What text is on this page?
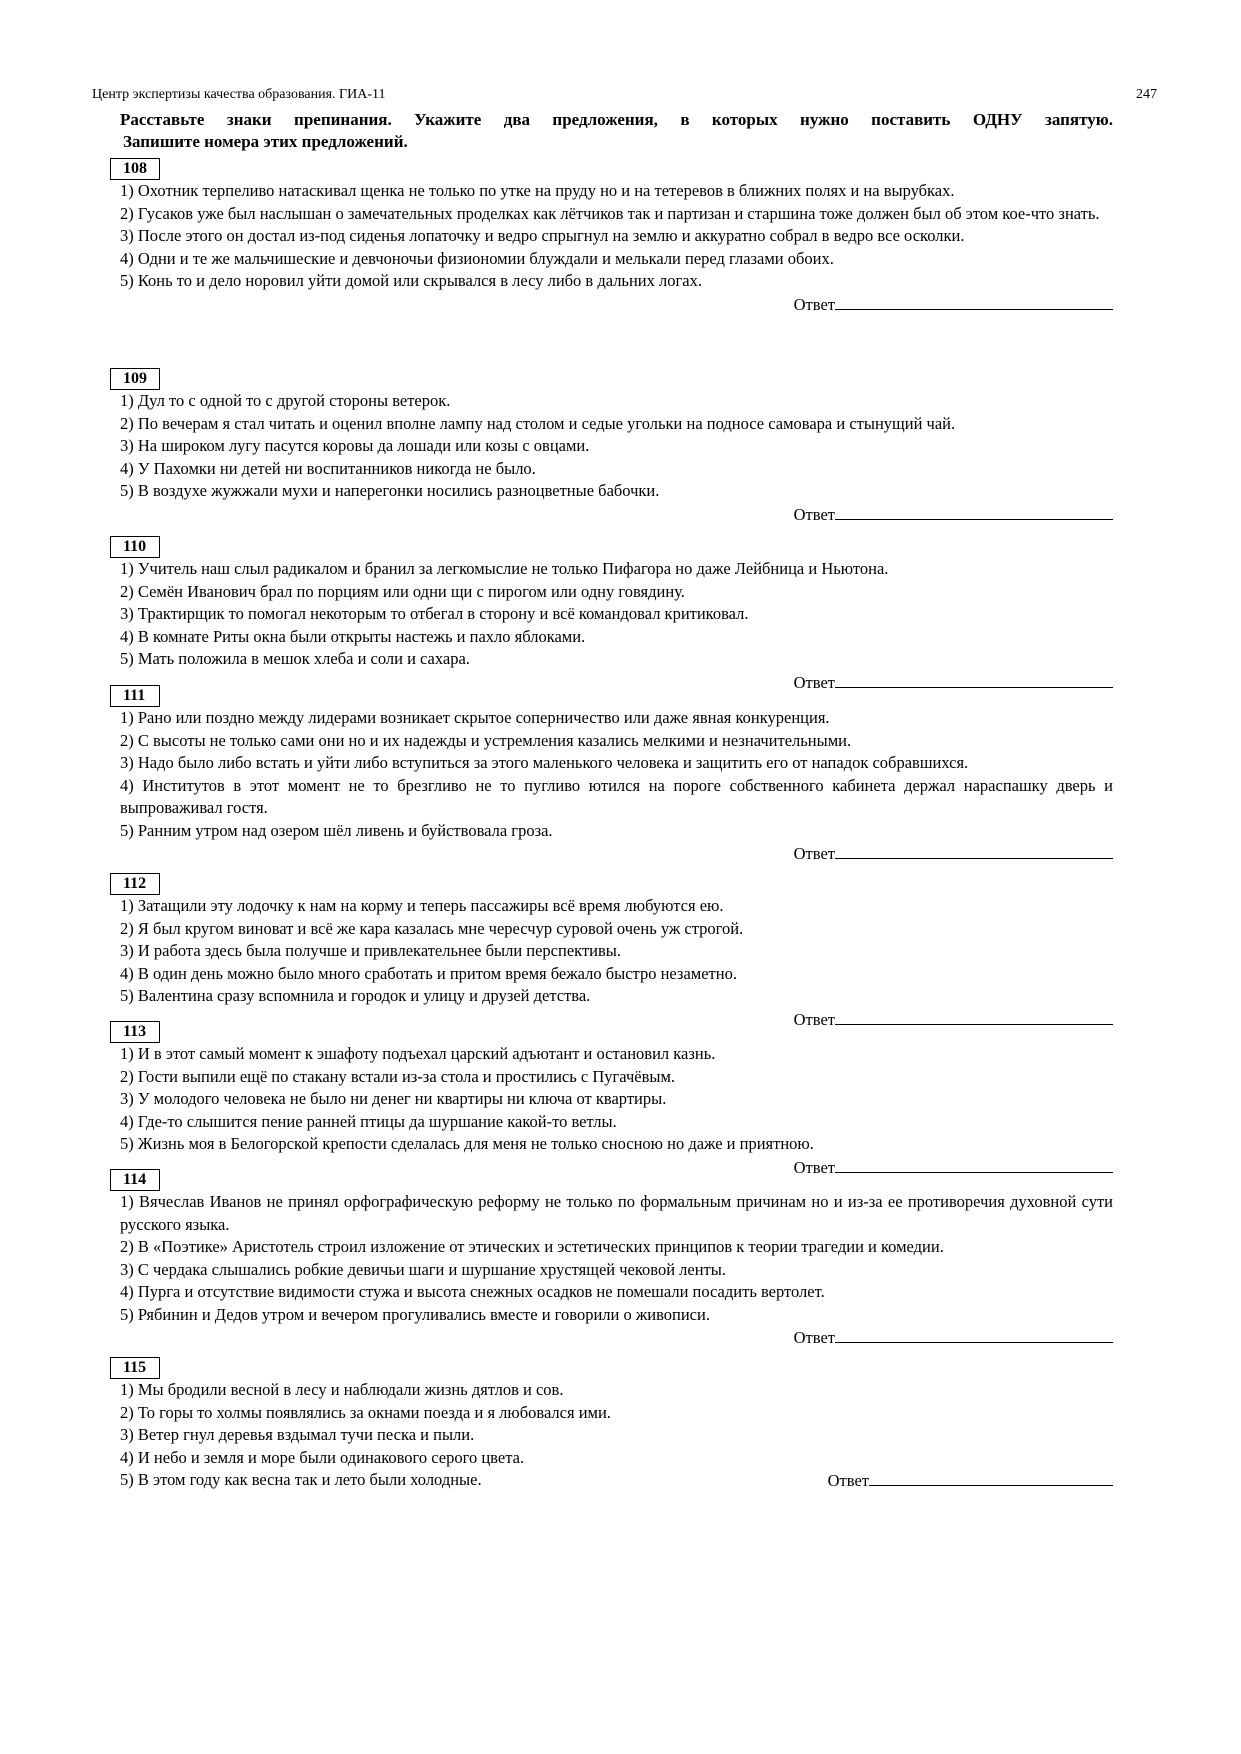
Центр экспертизы качества образования. ГИА-11	247
Расставьте знаки препинания. Укажите два предложения, в которых нужно поставить ОДНУ запятую.
Запишите номера этих предложений.
108
1) Охотник терпеливо натаскивал щенка не только по утке на пруду но и на тетеревов в ближних полях и на вырубках.
2) Гусаков уже был наслышан о замечательных проделках как лётчиков так и партизан и старшина тоже должен был об этом кое-что знать.
3) После этого он достал из-под сиденья лопаточку и ведро спрыгнул на землю и аккуратно собрал в ведро все осколки.
4) Одни и те же мальчишеские и девчоночьи физиономии блуждали и мелькали перед глазами обоих.
5) Конь то и дело норовил уйти домой или скрывался в лесу либо в дальних логах.
Ответ
109
1) Дул то с одной то с другой стороны ветерок.
2) По вечерам я стал читать и оценил вполне лампу над столом и седые угольки на подносе самовара и стынущий чай.
3) На широком лугу пасутся коровы да лошади или козы с овцами.
4) У Пахомки ни детей ни воспитанников никогда не было.
5) В воздухе жужжали мухи и наперегонки носились разноцветные бабочки.
Ответ
110
1) Учитель наш слыл радикалом и бранил за легкомыслие не только Пифагора но даже Лейбница и Ньютона.
2) Семён Иванович брал по порциям или одни щи с пирогом или одну говядину.
3) Трактирщик то помогал некоторым то отбегал в сторону и всё командовал критиковал.
4) В комнате Риты окна были открыты настежь и пахло яблоками.
5) Мать положила в мешок хлеба и соли и сахара.
Ответ
111
1) Рано или поздно между лидерами возникает скрытое соперничество или даже явная конкуренция.
2) С высоты не только сами они но и их надежды и устремления казались мелкими и незначительными.
3) Надо было либо встать и уйти либо вступиться за этого маленького человека и защитить его от нападок собравшихся.
4) Институтов в этот момент не то брезгливо не то пугливо ютился на пороге собственного кабинета держал нараспашку дверь и выпроваживал гостя.
5) Ранним утром над озером шёл ливень и буйствовала гроза.
Ответ
112
1) Затащили эту лодочку к нам на корму и теперь пассажиры всё время любуются ею.
2) Я был кругом виноват и всё же кара казалась мне чересчур суровой очень уж строгой.
3) И работа здесь была получше и привлекательнее были перспективы.
4) В один день можно было много сработать и притом время бежало быстро незаметно.
5) Валентина сразу вспомнила и городок и улицу и друзей детства.
Ответ
113
1) И в этот самый момент к эшафоту подъехал царский адъютант и остановил казнь.
2) Гости выпили ещё по стакану встали из-за стола и простились с Пугачёвым.
3) У молодого человека не было ни денег ни квартиры ни ключа от квартиры.
4) Где-то слышится пение ранней птицы да шуршание какой-то ветлы.
5) Жизнь моя в Белогорской крепости сделалась для меня не только сносною но даже и приятною.
Ответ
114
1) Вячеслав Иванов не принял орфографическую реформу не только по формальным причинам но и из-за ее противоречия духовной сути русского языка.
2) В «Поэтике» Аристотель строил изложение от этических и эстетических принципов к теории трагедии и комедии.
3) С чердака слышались робкие девичьи шаги и шуршание хрустящей чековой ленты.
4) Пурга и отсутствие видимости стужа и высота снежных осадков не помешали посадить вертолет.
5) Рябинин и Дедов утром и вечером прогуливались вместе и говорили о живописи.
Ответ
115
1) Мы бродили весной в лесу и наблюдали жизнь дятлов и сов.
2) То горы то холмы появлялись за окнами поезда и я любовался ими.
3) Ветер гнул деревья вздымал тучи песка и пыли.
4) И небо и земля и море были одинакового серого цвета.
5) В этом году как весна так и лето были холодные.	Ответ
